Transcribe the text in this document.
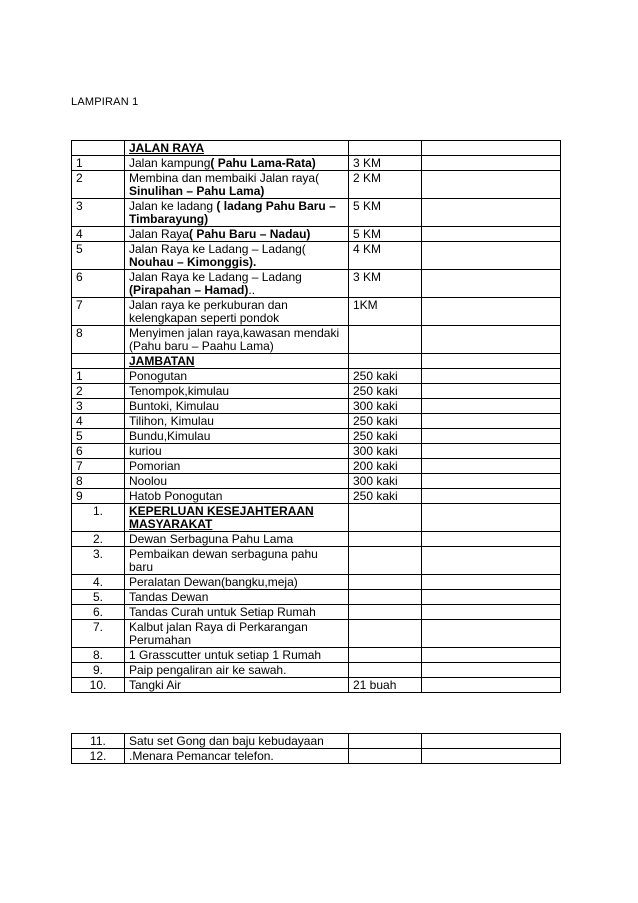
LAMPIRAN 1
	JALAN RAYA		
1	Jalan kampung( Pahu Lama-Rata)	3 KM	
2	Membina dan membaiki Jalan raya( Sinulihan – Pahu Lama)	2 KM	
3	Jalan ke ladang ( ladang Pahu Baru – Timbarayung)	5 KM	
4	Jalan Raya( Pahu Baru – Nadau)	5 KM	
5	Jalan Raya ke Ladang – Ladang( Nouhau – Kimonggis).	4 KM	
6	Jalan Raya ke Ladang – Ladang (Pirapahan – Hamad)..	3 KM	
7	Jalan raya ke perkuburan dan kelengkapan seperti pondok	1KM	
8	Menyimen jalan raya,kawasan mendaki (Pahu baru – Paahu Lama)		
	JAMBATAN		
1	Ponogutan	250 kaki	
2	Tenompok,kimulau	250 kaki	
3	Buntoki, Kimulau	300 kaki	
4	Tilihon, Kimulau	250 kaki	
5	Bundu,Kimulau	250 kaki	
6	kuriou	300 kaki	
7	Pomorian	200 kaki	
8	Noolou	300 kaki	
9	Hatob Ponogutan	250 kaki	
1.	KEPERLUAN KESEJAHTERAAN MASYARAKAT		
2.	Dewan Serbaguna Pahu Lama		
3.	Pembaikan dewan serbaguna pahu baru		
4.	Peralatan Dewan(bangku,meja)		
5.	Tandas Dewan		
6.	Tandas Curah untuk Setiap Rumah		
7.	Kalbut jalan Raya di Perkarangan Perumahan		
8.	1 Grasscutter untuk setiap 1 Rumah		
9.	Paip pengaliran air ke sawah.		
10.	Tangki Air	21 buah	
11.	Satu set Gong dan baju kebudayaan		
12.	.Menara Pemancar telefon.		
